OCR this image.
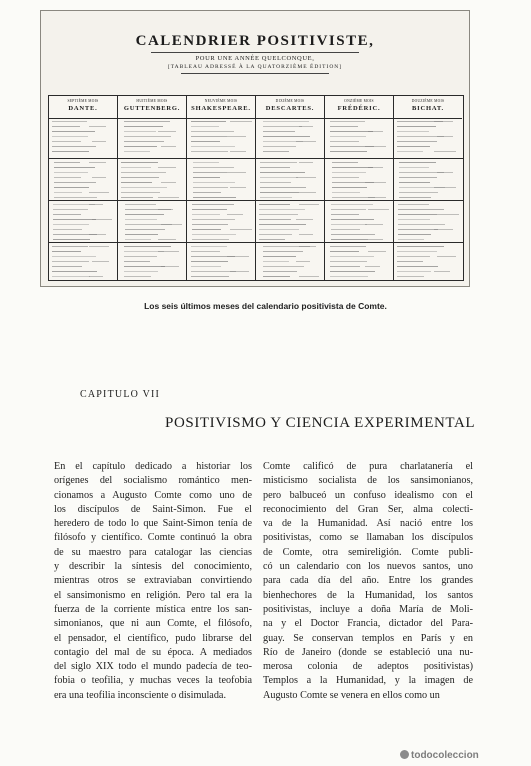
CALENDRIER POSITIVISTE,
POUR UNE ANNÉE QUELCONQUE,
[TABLEAU ADRESSÉ À LA QUATORZIÈME ÉDITION]
SEPTIÈME MOIS
DANTE.
HUITIÈME MOIS
GUTTENBERG.
NEUVIÈME MOIS
SHAKESPEARE.
DIXIÈME MOIS
DESCARTES.
ONZIÈME MOIS
FRÉDÉRIC.
DOUZIÈME MOIS
BICHAT.
Los seis últimos meses del calendario positivista de Comte.
CAPITULO VII
POSITIVISMO Y CIENCIA EXPERIMENTAL
En el capítulo dedicado a historiar los
orígenes del socialismo romántico men-
cionamos a Augusto Comte como uno de
los discípulos de Saint-Simon. Fue el
heredero de todo lo que Saint-Simon tenía de
filósofo y científico. Comte continuó la obra
de su maestro para catalogar las ciencias
y describir la síntesis del conocimiento,
mientras otros se extraviaban convirtiendo
el sansimonismo en religión. Pero tal era la
fuerza de la corriente mística entre los san-
simonianos, que ni aun Comte, el filósofo,
el pensador, el científico, pudo librarse del
contagio del mal de su época. A mediados
del siglo XIX todo el mundo padecía de teo-
fobia o teofilia, y muchas veces la teofobia
era una teofilia inconsciente o disimulada.
Comte calificó de pura charlatanería el
misticismo socialista de los sansimonianos,
pero balbuceó un confuso idealismo con el
reconocimiento del Gran Ser, alma colecti-
va de la Humanidad. Así nació entre los
positivistas, como se llamaban los discípulos
de Comte, otra semireligión. Comte publi-
có un calendario con los nuevos santos, uno
para cada día del año. Entre los grandes
bienhechores de la Humanidad, los santos
positivistas, incluye a doña María de Moli-
na y el Doctor Francia, dictador del Para-
guay. Se conservan templos en París y en
Río de Janeiro (donde se estableció una nu-
merosa colonia de adeptos positivistas)
Templos a la Humanidad, y la imagen de
Augusto Comte se venera en ellos como un
todocoleccion
